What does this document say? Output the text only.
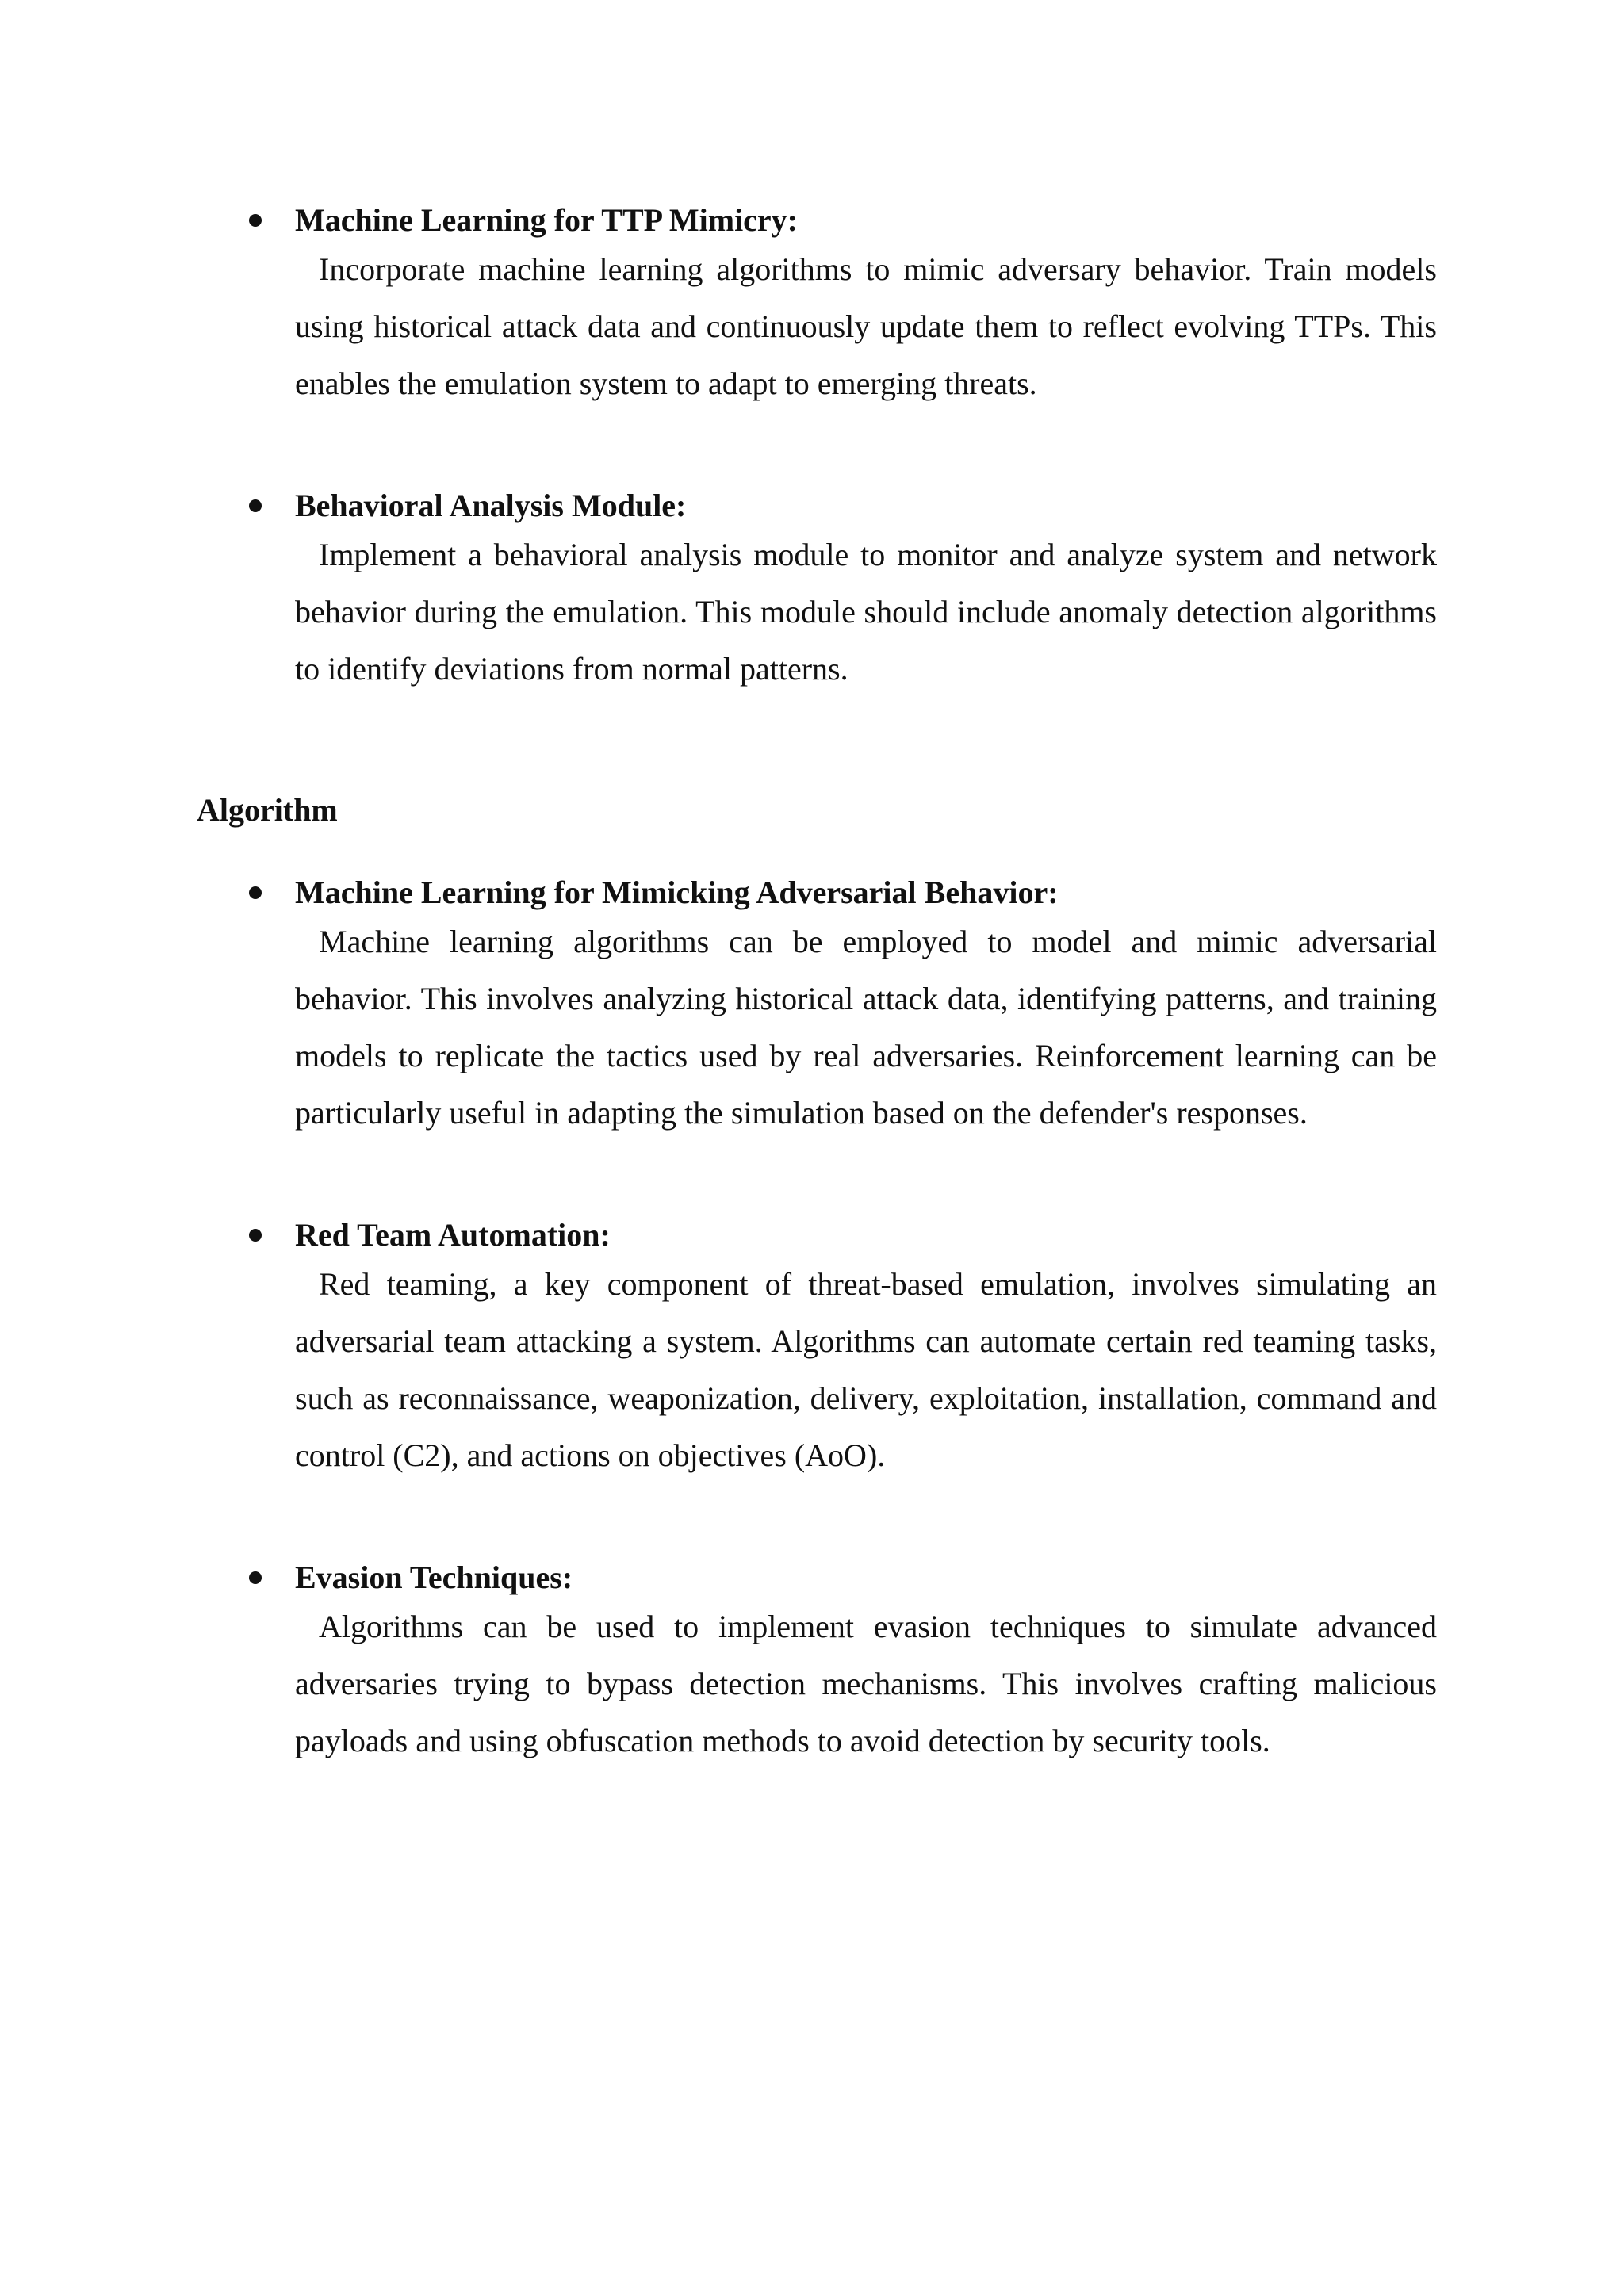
Machine Learning for TTP Mimicry:

Incorporate machine learning algorithms to mimic adversary behavior. Train models using historical attack data and continuously update them to reflect evolving TTPs. This enables the emulation system to adapt to emerging threats.

Behavioral Analysis Module:

Implement a behavioral analysis module to monitor and analyze system and network behavior during the emulation. This module should include anomaly detection algorithms to identify deviations from normal patterns.

Algorithm

Machine Learning for Mimicking Adversarial Behavior:

Machine learning algorithms can be employed to model and mimic adversarial behavior. This involves analyzing historical attack data, identifying patterns, and training models to replicate the tactics used by real adversaries. Reinforcement learning can be particularly useful in adapting the simulation based on the defender's responses.

Red Team Automation:

Red teaming, a key component of threat-based emulation, involves simulating an adversarial team attacking a system. Algorithms can automate certain red teaming tasks, such as reconnaissance, weaponization, delivery, exploitation, installation, command and control (C2), and actions on objectives (AoO).

Evasion Techniques:

Algorithms can be used to implement evasion techniques to simulate advanced adversaries trying to bypass detection mechanisms. This involves crafting malicious payloads and using obfuscation methods to avoid detection by security tools.
